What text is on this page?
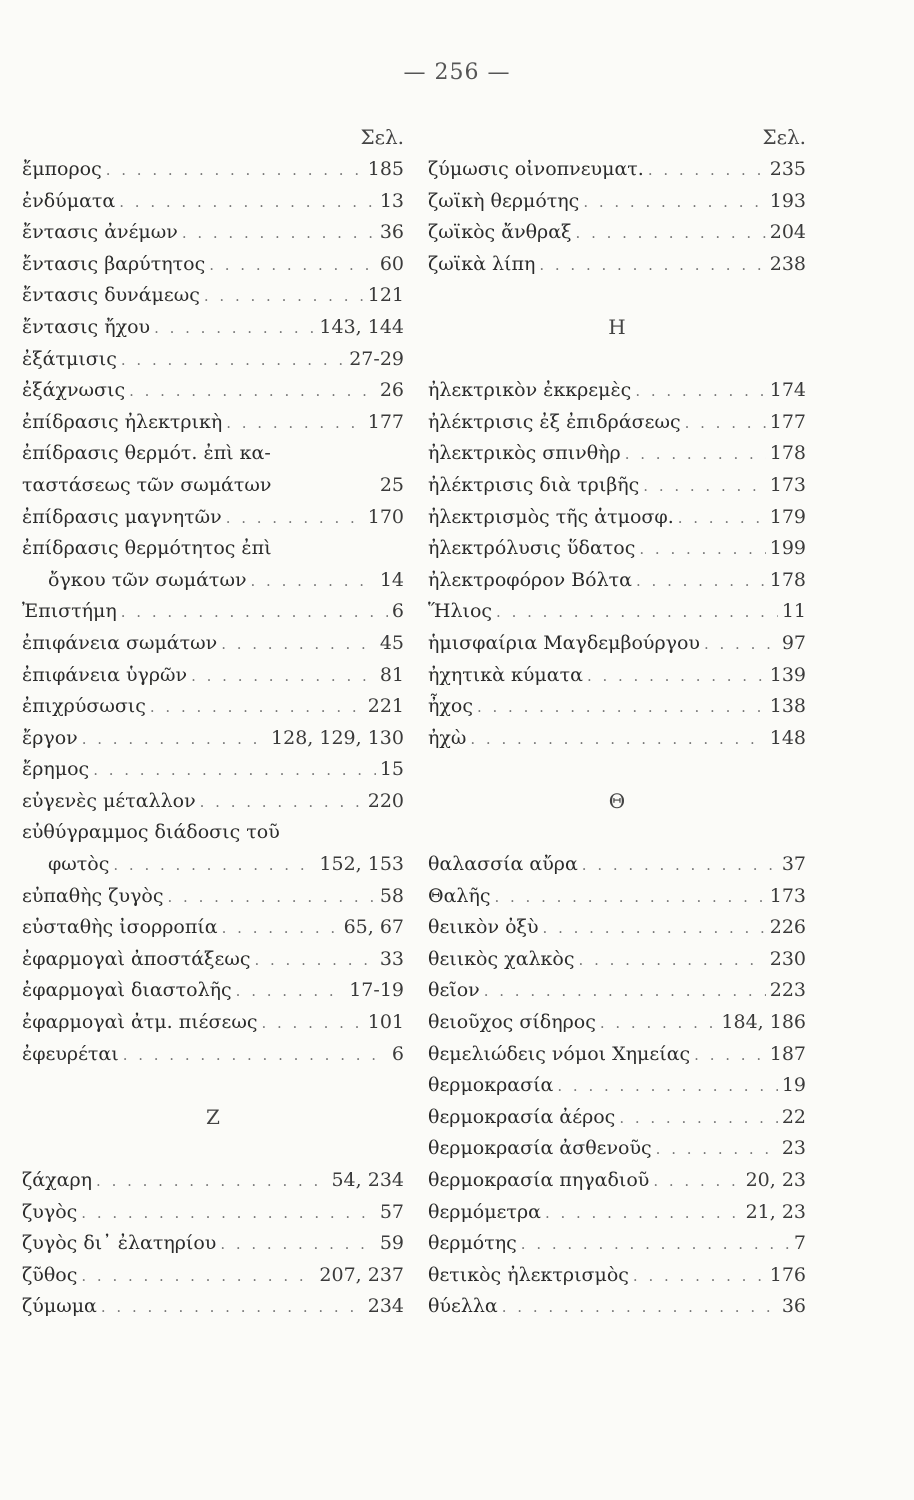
— 256 —
Σελ.
ἔμπορος . . .	185
ἐνδύματα . . .	13
ἔντασις ἀνέμων . . .	36
ἔντασις βαρύτητος . . .	60
ἔντασις δυνάμεως . . .	121
ἔντασις ἤχου . . .	143, 144
ἐξάτμισις . . .	27-29
ἐξάχνωσις . . .	26
ἐπίδρασις ἠλεκτρικὴ . . .	177
ἐπίδρασις θερμότ. ἐπὶ κα-
ταστάσεως τῶν σωμάτων	25
ἐπίδρασις μαγνητῶν . . .	170
ἐπίδρασις θερμότητος ἐπὶ
ὄγκου τῶν σωμάτων . . .	14
Ἐπιστήμη . . .	6
ἐπιφάνεια σωμάτων . . .	45
ἐπιφάνεια ὑγρῶν . . .	81
ἐπιχρύσωσις . . .	221
ἔργον . . .	128, 129, 130
ἔρημος . . .	15
εὐγενὲς μέταλλον . . .	220
εὐθύγραμμος διάδοσις τοῦ
φωτὸς . . .	152, 153
εὐπαθὴς ζυγὸς . . .	58
εὐσταθὴς ἰσορροπία . . .	65, 67
ἐφαρμογαὶ ἀποστάξεως . . .	33
ἐφαρμογαὶ διαστολῆς . . .	17-19
ἐφαρμογαὶ ἀτμ. πιέσεως . . .	101
ἐφευρέται . . .	6
Ζ
ζάχαρη . . .	54, 234
ζυγὸς . . .	57
ζυγὸς δι᾽ ἐλατηρίου . . .	59
ζῦθος . . .	207, 237
ζύμωμα . . .	234
Σελ.
ζύμωσις οἰνοπνευματ. . . .	235
ζωϊκὴ θερμότης . . .	193
ζωϊκὸς ἄνθραξ . . .	204
ζωϊκὰ λίπη . . .	238
Η
ἠλεκτρικὸν ἐκκρεμὲς . . .	174
ἠλέκτρισις ἐξ ἐπιδράσεως . . .	177
ἠλεκτρικὸς σπινθὴρ . . .	178
ἠλέκτρισις διὰ τριβῆς . . .	173
ἠλεκτρισμὸς τῆς ἀτμοσφ. . . .	179
ἠλεκτρόλυσις ὕδατος . . .	199
ἠλεκτροφόρον Βόλτα . . .	178
Ἥλιος . . .	11
ἡμισφαίρια Μαγδεμβούργου . . .	97
ἠχητικὰ κύματα . . .	139
ἦχος . . .	138
ἠχὼ . . .	148
Θ
θαλασσία αὔρα . . .	37
Θαλῆς . . .	173
θειικὸν ὀξὺ . . .	226
θειικὸς χαλκὸς . . .	230
θεῖον . . .	223
θειοῦχος σίδηρος . . .	184, 186
θεμελιώδεις νόμοι Χημείας . . .	187
θερμοκρασία . . .	19
θερμοκρασία ἀέρος . . .	22
θερμοκρασία ἀσθενοῦς . . .	23
θερμοκρασία πηγαδιοῦ . . .	20, 23
θερμόμετρα . . .	21, 23
θερμότης . . .	7
θετικὸς ἠλεκτρισμὸς . . .	176
θύελλα . . .	36
